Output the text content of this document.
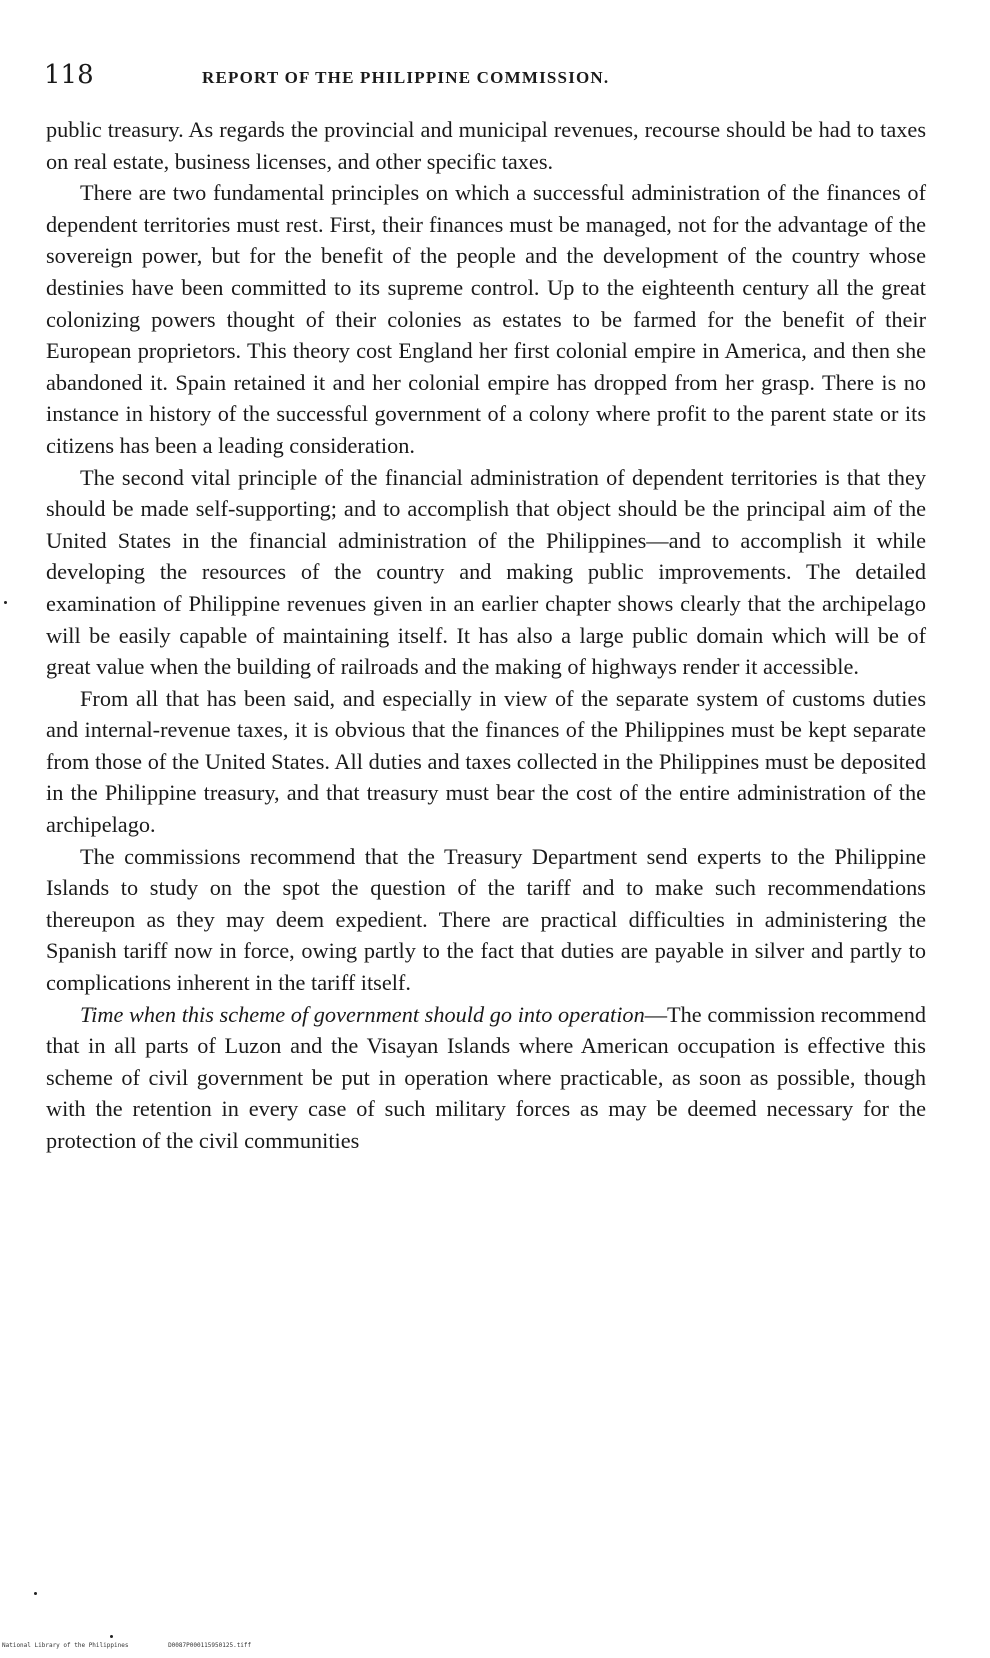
118	REPORT OF THE PHILIPPINE COMMISSION.

public treasury. As regards the provincial and municipal revenues, recourse should be had to taxes on real estate, business licenses, and other specific taxes.

There are two fundamental principles on which a successful administration of the finances of dependent territories must rest. First, their finances must be managed, not for the advantage of the sovereign power, but for the benefit of the people and the development of the country whose destinies have been committed to its supreme control. Up to the eighteenth century all the great colonizing powers thought of their colonies as estates to be farmed for the benefit of their European proprietors. This theory cost England her first colonial empire in America, and then she abandoned it. Spain retained it and her colonial empire has dropped from her grasp. There is no instance in history of the successful government of a colony where profit to the parent state or its citizens has been a leading consideration.

The second vital principle of the financial administration of dependent territories is that they should be made self-supporting; and to accomplish that object should be the principal aim of the United States in the financial administration of the Philippines—and to accomplish it while developing the resources of the country and making public improvements. The detailed examination of Philippine revenues given in an earlier chapter shows clearly that the archipelago will be easily capable of maintaining itself. It has also a large public domain which will be of great value when the building of railroads and the making of highways render it accessible.

From all that has been said, and especially in view of the separate system of customs duties and internal-revenue taxes, it is obvious that the finances of the Philippines must be kept separate from those of the United States. All duties and taxes collected in the Philippines must be deposited in the Philippine treasury, and that treasury must bear the cost of the entire administration of the archipelago.

The commissions recommend that the Treasury Department send experts to the Philippine Islands to study on the spot the question of the tariff and to make such recommendations thereupon as they may deem expedient. There are practical difficulties in administering the Spanish tariff now in force, owing partly to the fact that duties are payable in silver and partly to complications inherent in the tariff itself.

Time when this scheme of government should go into operation—The commission recommend that in all parts of Luzon and the Visayan Islands where American occupation is effective this scheme of civil government be put in operation where practicable, as soon as possible, though with the retention in every case of such military forces as may be deemed necessary for the protection of the civil communities

National Library of the Philippines	D0087P000115950125.tiff
